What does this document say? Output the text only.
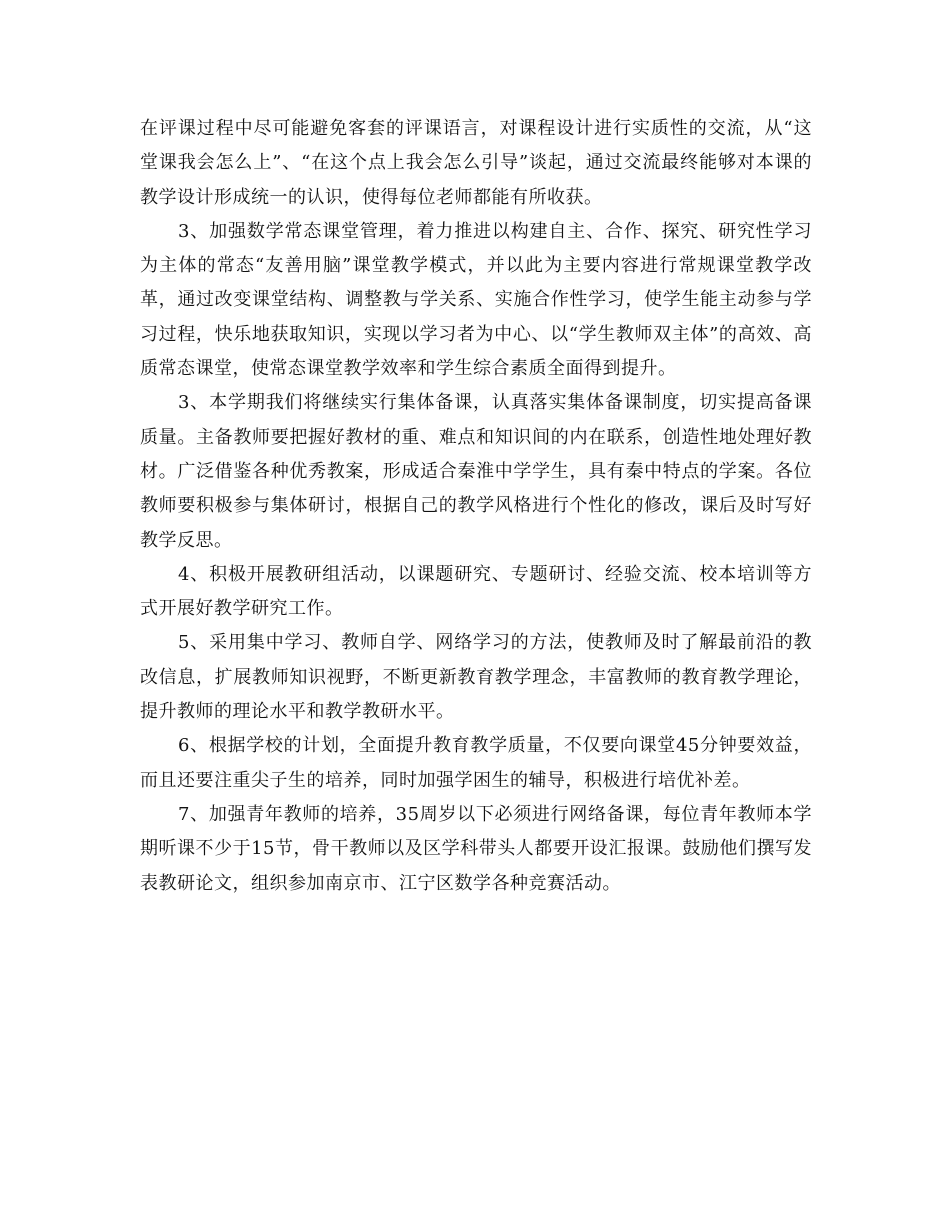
在评课过程中尽可能避免客套的评课语言，对课程设计进行实质性的交流，从“这堂课我会怎么上”、“在这个点上我会怎么引导”谈起，通过交流最终能够对本课的教学设计形成统一的认识，使得每位老师都能有所收获。

3、加强数学常态课堂管理，着力推进以构建自主、合作、探究、研究性学习为主体的常态“友善用脑”课堂教学模式，并以此为主要内容进行常规课堂教学改革，通过改变课堂结构、调整教与学关系、实施合作性学习，使学生能主动参与学习过程，快乐地获取知识，实现以学习者为中心、以“学生教师双主体”的高效、高质常态课堂，使常态课堂教学效率和学生综合素质全面得到提升。

3、本学期我们将继续实行集体备课，认真落实集体备课制度，切实提高备课质量。主备教师要把握好教材的重、难点和知识间的内在联系，创造性地处理好教材。广泛借鉴各种优秀教案，形成适合秦淮中学学生，具有秦中特点的学案。各位教师要积极参与集体研讨，根据自己的教学风格进行个性化的修改，课后及时写好教学反思。

4、积极开展教研组活动，以课题研究、专题研讨、经验交流、校本培训等方式开展好教学研究工作。

5、采用集中学习、教师自学、网络学习的方法，使教师及时了解最前沿的教改信息，扩展教师知识视野，不断更新教育教学理念，丰富教师的教育教学理论，提升教师的理论水平和教学教研水平。

6、根据学校的计划，全面提升教育教学质量，不仅要向课堂45分钟要效益，而且还要注重尖子生的培养，同时加强学困生的辅导，积极进行培优补差。

7、加强青年教师的培养，35周岁以下必须进行网络备课，每位青年教师本学期听课不少于15节，骨干教师以及区学科带头人都要开设汇报课。鼓励他们撰写发表教研论文，组织参加南京市、江宁区数学各种竞赛活动。
